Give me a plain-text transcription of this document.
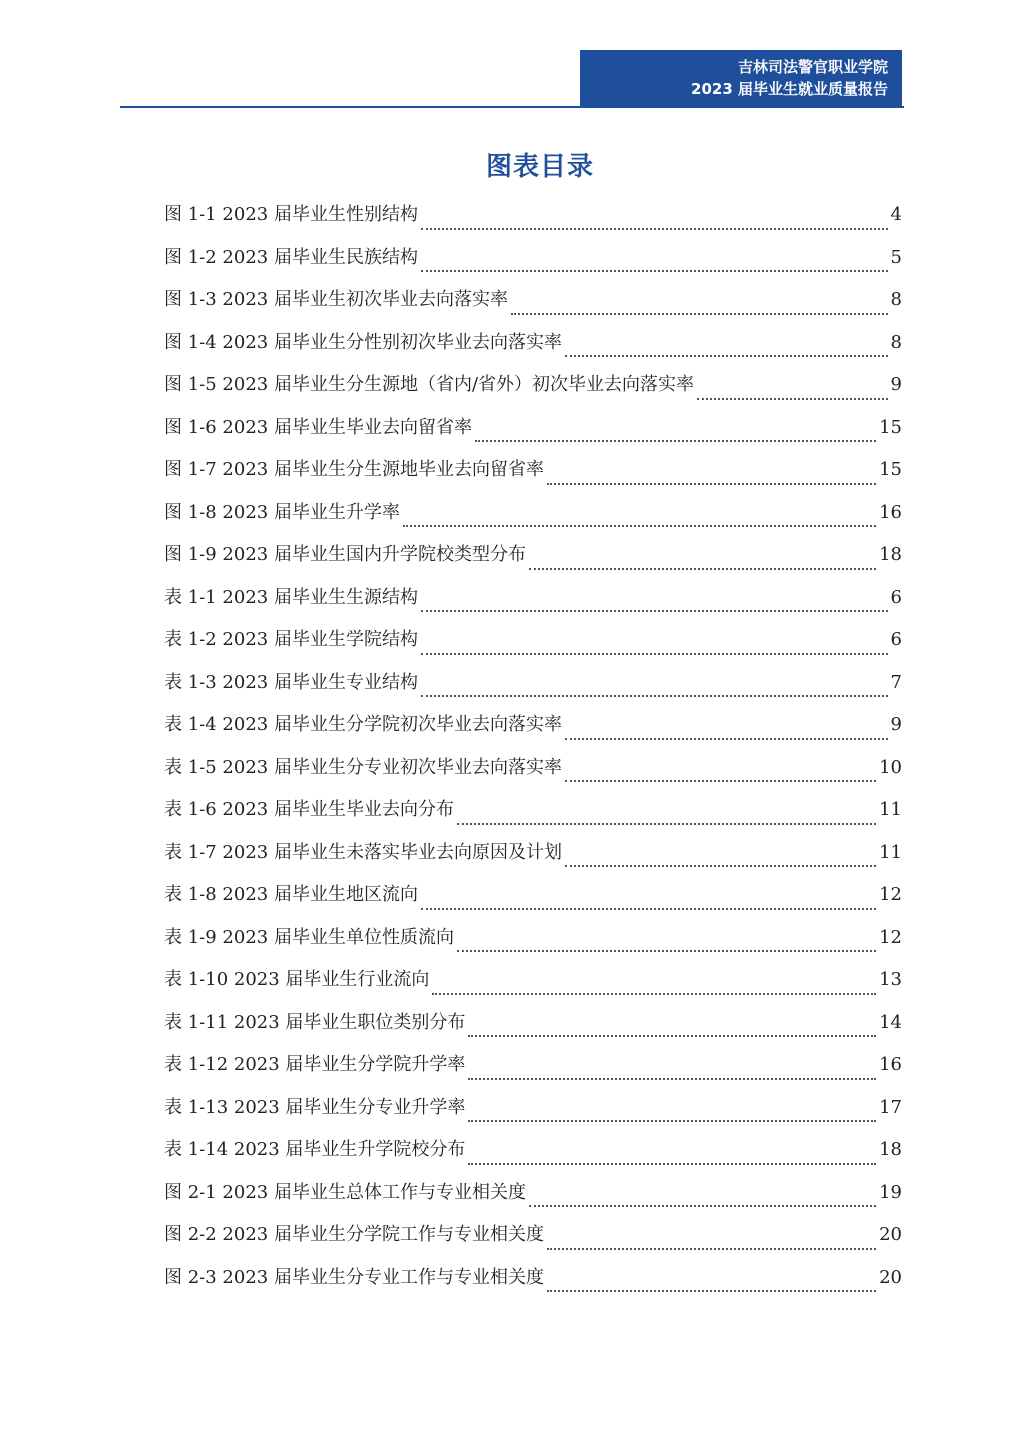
吉林司法警官职业学院
2023 届毕业生就业质量报告
图表目录
图 1-1 2023 届毕业生性别结构	4
图 1-2 2023 届毕业生民族结构	5
图 1-3 2023 届毕业生初次毕业去向落实率	8
图 1-4 2023 届毕业生分性别初次毕业去向落实率	8
图 1-5 2023 届毕业生分生源地（省内/省外）初次毕业去向落实率	9
图 1-6 2023 届毕业生毕业去向留省率	15
图 1-7 2023 届毕业生分生源地毕业去向留省率	15
图 1-8 2023 届毕业生升学率	16
图 1-9 2023 届毕业生国内升学院校类型分布	18
表 1-1 2023 届毕业生生源结构	6
表 1-2 2023 届毕业生学院结构	6
表 1-3 2023 届毕业生专业结构	7
表 1-4 2023 届毕业生分学院初次毕业去向落实率	9
表 1-5 2023 届毕业生分专业初次毕业去向落实率	10
表 1-6 2023 届毕业生毕业去向分布	11
表 1-7 2023 届毕业生未落实毕业去向原因及计划	11
表 1-8 2023 届毕业生地区流向	12
表 1-9 2023 届毕业生单位性质流向	12
表 1-10 2023 届毕业生行业流向	13
表 1-11 2023 届毕业生职位类别分布	14
表 1-12 2023 届毕业生分学院升学率	16
表 1-13 2023 届毕业生分专业升学率	17
表 1-14 2023 届毕业生升学院校分布	18
图 2-1 2023 届毕业生总体工作与专业相关度	19
图 2-2 2023 届毕业生分学院工作与专业相关度	20
图 2-3 2023 届毕业生分专业工作与专业相关度	20
